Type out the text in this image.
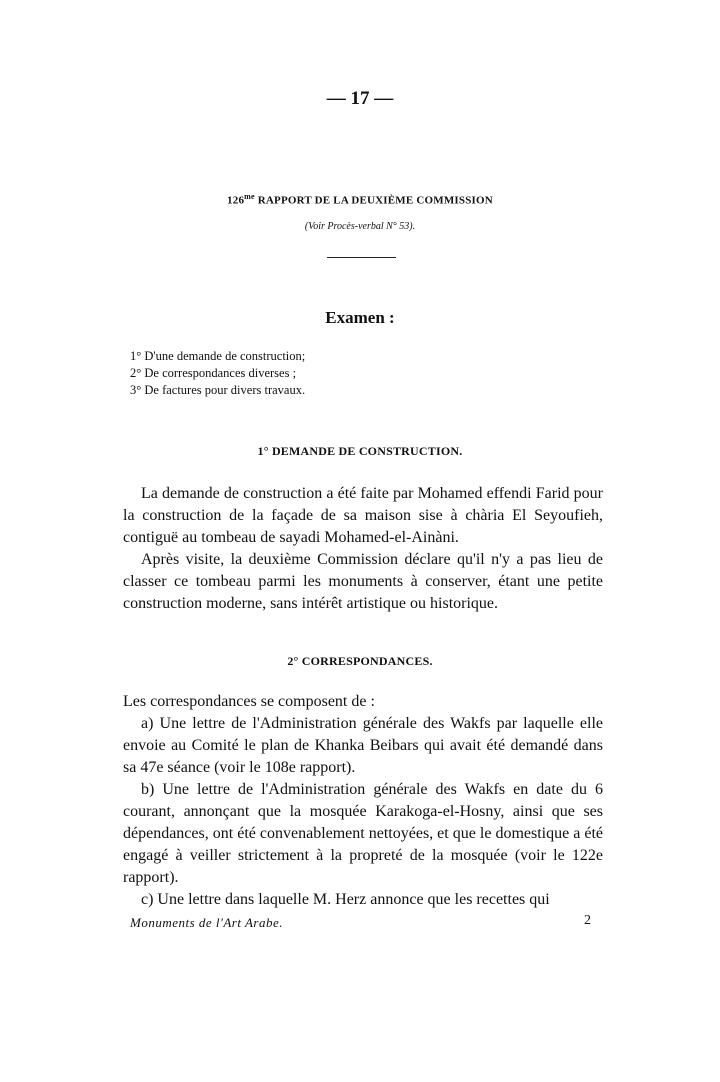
— 17 —
$126^{me}$ RAPPORT DE LA DEUXIÈME COMMISSION
(Voir Procès-verbal N° 53).
Examen :
1° D'une demande de construction;
2° De correspondances diverses ;
3° De factures pour divers travaux.
1° DEMANDE DE CONSTRUCTION.

La demande de construction a été faite par Mohamed effendi Farid pour la construction de la façade de sa maison sise à chària El Seyoufieh, contiguë au tombeau de sayadi Mohamed-el-Ainàni.

Après visite, la deuxième Commission déclare qu'il n'y a pas lieu de classer ce tombeau parmi les monuments à conserver, étant une petite construction moderne, sans intérêt artistique ou historique.

2° CORRESPONDANCES.

Les correspondances se composent de :

a) Une lettre de l'Administration générale des Wakfs par laquelle elle envoie au Comité le plan de Khanka Beibars qui avait été demandé dans sa 47e séance (voir le 108e rapport).

b) Une lettre de l'Administration générale des Wakfs en date du 6 courant, annonçant que la mosquée Karakoga-el-Hosny, ainsi que ses dépendances, ont été convenablement nettoyées, et que le domestique a été engagé à veiller strictement à la propreté de la mosquée (voir le 122e rapport).

c) Une lettre dans laquelle M. Herz annonce que les recettes qui

Monuments de l'Art Arabe.	2
